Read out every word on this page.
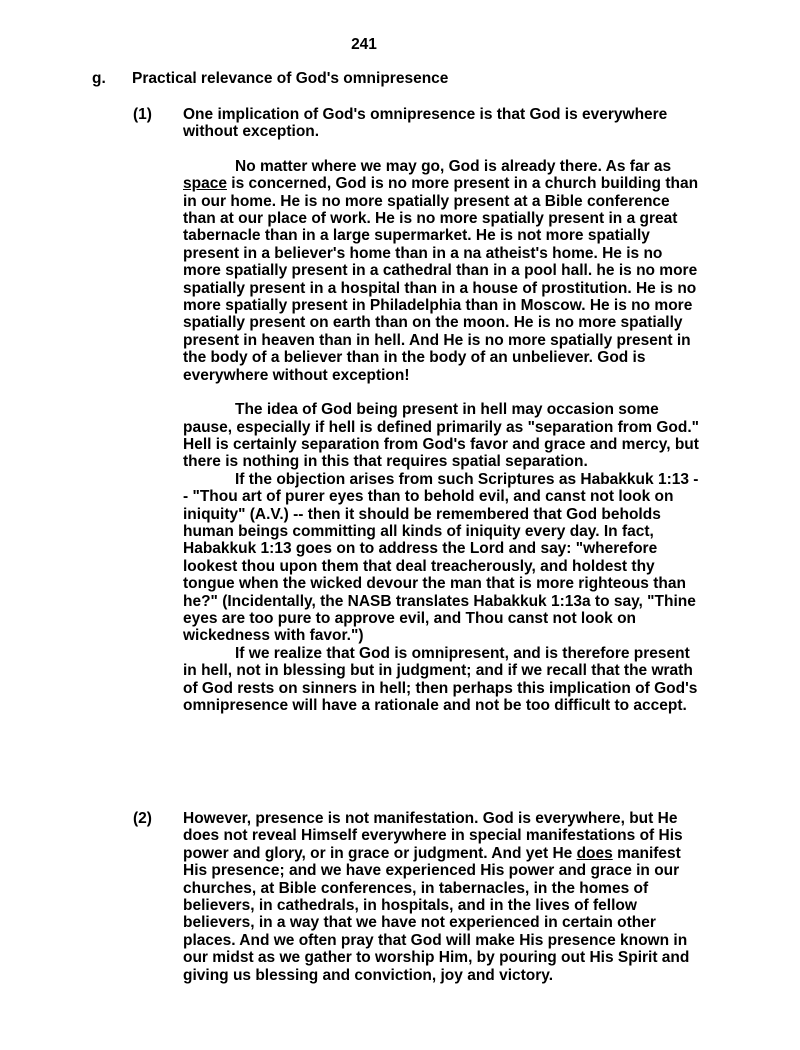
241
g. Practical relevance of God's omnipresence
(1) One implication of God's omnipresence is that God is everywhere without exception.

No matter where we may go, God is already there. As far as space is concerned, God is no more present in a church building than in our home. He is no more spatially present at a Bible conference than at our place of work. He is no more spatially present in a great tabernacle than in a large supermarket. He is not more spatially present in a believer's home than in a na atheist's home. He is no more spatially present in a cathedral than in a pool hall. he is no more spatially present in a hospital than in a house of prostitution. He is no more spatially present in Philadelphia than in Moscow. He is no more spatially present on earth than on the moon. He is no more spatially present in heaven than in hell. And He is no more spatially present in the body of a believer than in the body of an unbeliever. God is everywhere without exception!

The idea of God being present in hell may occasion some pause, especially if hell is defined primarily as "separation from God." Hell is certainly separation from God's favor and grace and mercy, but there is nothing in this that requires spatial separation.

If the objection arises from such Scriptures as Habakkuk 1:13 -- "Thou art of purer eyes than to behold evil, and canst not look on iniquity" (A.V.) -- then it should be remembered that God beholds human beings committing all kinds of iniquity every day. In fact, Habakkuk 1:13 goes on to address the Lord and say: "wherefore lookest thou upon them that deal treacherously, and holdest thy tongue when the wicked devour the man that is more righteous than he?" (Incidentally, the NASB translates Habakkuk 1:13a to say, "Thine eyes are too pure to approve evil, and Thou canst not look on wickedness with favor.")

If we realize that God is omnipresent, and is therefore present in hell, not in blessing but in judgment; and if we recall that the wrath of God rests on sinners in hell; then perhaps this implication of God's omnipresence will have a rationale and not be too difficult to accept.

(2) However, presence is not manifestation. God is everywhere, but He does not reveal Himself everywhere in special manifestations of His power and glory, or in grace or judgment. And yet He does manifest His presence; and we have experienced His power and grace in our churches, at Bible conferences, in tabernacles, in the homes of believers, in cathedrals, in hospitals, and in the lives of fellow believers, in a way that we have not experienced in certain other places. And we often pray that God will make His presence known in our midst as we gather to worship Him, by pouring out His Spirit and giving us blessing and conviction, joy and victory.
